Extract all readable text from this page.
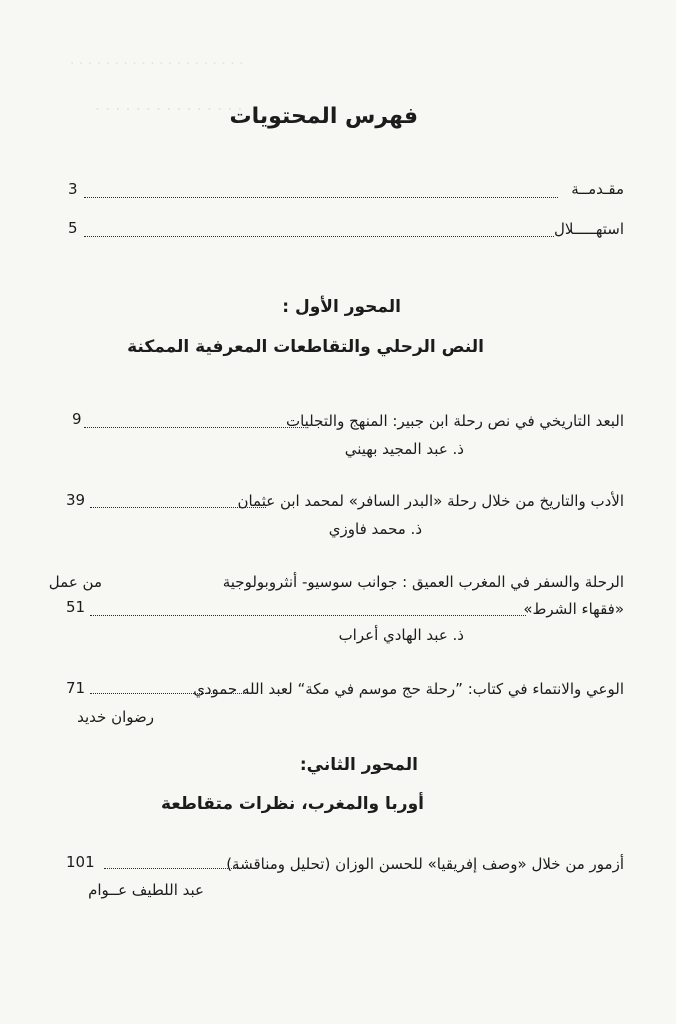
. . . . . . . . . . . . . . . . . . . .
. . . . . . . . . . . . . . .
فهرس المحتويات
مقـدمــة
3
استهـــــلال
5
المحور الأول :
النص الرحلي والتقاطعات المعرفية الممكنة
البعد التاريخي في نص رحلة ابن جبير: المنهج والتجليات
9
ذ. عبد المجيد بهيني
الأدب والتاريخ من خلال رحلة «البدر السافر» لمحمد ابن عثمان
39
ذ. محمد فاوزي
الرحلة والسفر في المغرب العميق : جوانب سوسيو- أنثروبولوجية
من عمل
«فقهاء الشرط»
51
ذ. عبد الهادي أعراب
الوعي والانتماء في كتاب: ”رحلة حج موسم في مكة“ لعبد الله حمودي
71
رضوان خديد
المحور الثاني:
أوربا والمغرب، نظرات متقاطعة
أزمور من خلال «وصف إفريقيا» للحسن الوزان (تحليل ومناقشة)
101
عبد اللطيف عــوام
